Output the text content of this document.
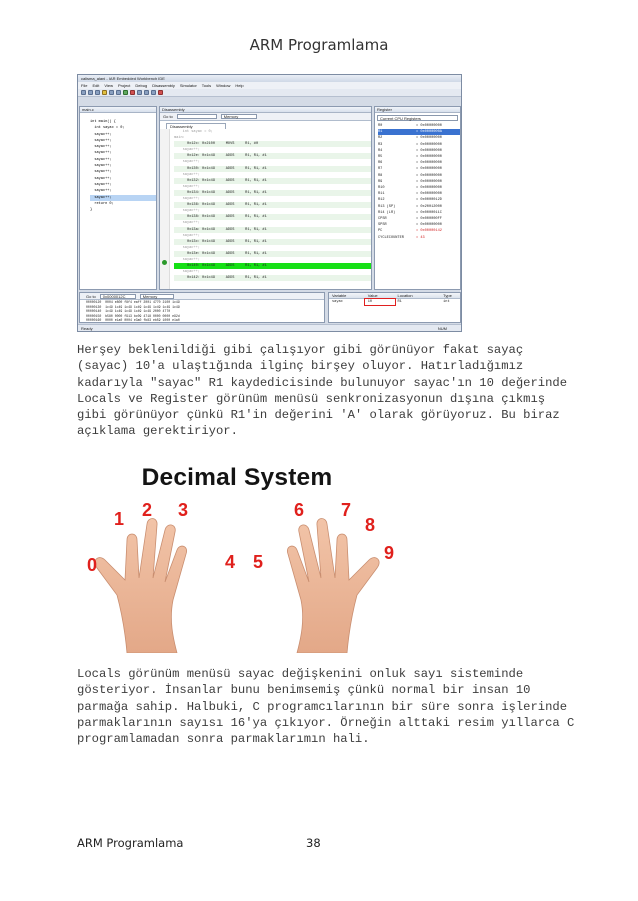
ARM Programlama
calisma_alani - IAR Embedded Workbench IDE
File Edit View Project Debug Disassembly Simulator Tools Window Help
main.c
int main() {
int sayac = 0;
sayac++;
sayac++;
sayac++;
sayac++;
sayac++;
sayac++;
sayac++;
sayac++;
sayac++;
sayac++;
sayac++;
return 0;
}
Disassembly
Go to	Memory
Disassembly
int sayac = 0;
main:
0x12c: 0x2100     MOVS     R1, #0
sayac++;
0x12e: 0x1c49     ADDS     R1, R1, #1
sayac++;
0x130: 0x1c49     ADDS     R1, R1, #1
sayac++;
0x132: 0x1c49     ADDS     R1, R1, #1
sayac++;
0x134: 0x1c49     ADDS     R1, R1, #1
sayac++;
0x136: 0x1c49     ADDS     R1, R1, #1
sayac++;
0x138: 0x1c49     ADDS     R1, R1, #1
sayac++;
0x13a: 0x1c49     ADDS     R1, R1, #1
sayac++;
0x13c: 0x1c49     ADDS     R1, R1, #1
sayac++;
0x13e: 0x1c49     ADDS     R1, R1, #1
sayac++;
0x140: 0x1c49     ADDS     R1, R1, #1
sayac++;
0x142: 0x1c49     ADDS     R1, R1, #1
Register
Current CPU Registers
R0	= 0x00000000
R1	= 0x0000000A
R2	= 0x00000000
R3	= 0x00000000
R4	= 0x00000000
R5	= 0x00000000
R6	= 0x00000000
R7	= 0x00000000
R8	= 0x00000000
R9	= 0x00000000
R10	= 0x00000000
R11	= 0x00000000
R12	= 0x0000012D
R13 (SP)	= 0x20012000
R14 (LR)	= 0x0000011C
CPSR	= 0x000000FF
SPSR	= 0x00000000
PC	= 0x00000142
CYCLECOUNTER	= 43
Go to	0x0000012C	Memory
00000120  0004 e800 f8f4 eaff 2001 4770 2100 1c49
00000130  1c49 1c49 1c49 1c49 1c49 1c49 1c49 1c49
00000140  1c49 1c49 1c49 1c49 1c49 2000 4770
00000150  b580 0000 f913 bc09 4718 0000 0000 e92d
00000160  0000 e1a0 0004 e3a0 fb83 eb59 1000 e1a0
Variable	Value	Location	Type
sayac	10	R1	int
Ready	NUM

Herşey beklenildiği gibi çalışıyor gibi görünüyor fakat sayaç

(sayac) 10'a ulaştığında ilginç birşey oluyor. Hatırladığımız

kadarıyla "sayac" R1 kaydedicisinde bulunuyor sayac'ın 10 değerinde

Locals ve Register görünüm menüsü senkronizasyonun dışına çıkmış

gibi görünüyor çünkü R1'in değerini 'A' olarak görüyoruz. Bu biraz

açıklama gerektiriyor.

Decimal System
0
1 2 3
4 5
6 7
8
9

Locals görünüm menüsü sayac değişkenini onluk sayı sisteminde

gösteriyor. İnsanlar bunu benimsemiş çünkü normal bir insan 10

parmağa sahip. Halbuki, C programcılarının bir süre sonra işlerinde

parmaklarının sayısı 16'ya çıkıyor. Örneğin alttaki resim yıllarca C

programlamadan sonra parmaklarımın hali.

ARM Programlama	38
